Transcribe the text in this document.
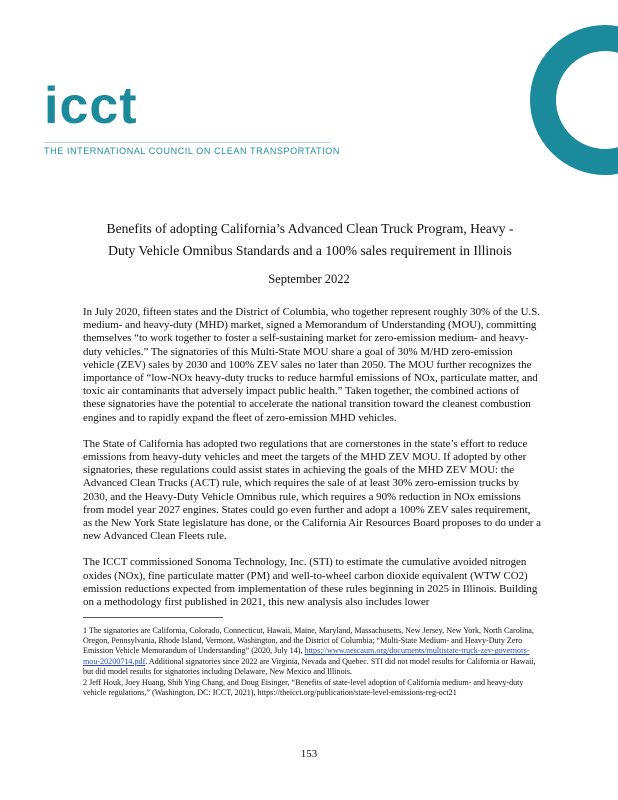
icct
THE INTERNATIONAL COUNCIL ON CLEAN TRANSPORTATION
Benefits of adopting California’s Advanced Clean Truck Program, Heavy -
Duty Vehicle Omnibus Standards and a 100% sales requirement in Illinois
September 2022

In July 2020, fifteen states and the District of Columbia, who together represent roughly 30% of the U.S. medium- and heavy-duty (MHD) market, signed a Memorandum of Understanding (MOU), committing themselves “to work together to foster a self-sustaining market for zero-emission medium- and heavy-duty vehicles.” The signatories of this Multi-State MOU share a goal of 30% M/HD zero-emission vehicle (ZEV) sales by 2030 and 100% ZEV sales no later than 2050. The MOU further recognizes the importance of “low-NOx heavy-duty trucks to reduce harmful emissions of NOx, particulate matter, and toxic air contaminants that adversely impact public health.” Taken together, the combined actions of these signatories have the potential to accelerate the national transition toward the cleanest combustion engines and to rapidly expand the fleet of zero-emission MHD vehicles.

The State of California has adopted two regulations that are cornerstones in the state’s effort to reduce emissions from heavy-duty vehicles and meet the targets of the MHD ZEV MOU. If adopted by other signatories, these regulations could assist states in achieving the goals of the MHD ZEV MOU: the Advanced Clean Trucks (ACT) rule, which requires the sale of at least 30% zero-emission trucks by 2030, and the Heavy-Duty Vehicle Omnibus rule, which requires a 90% reduction in NOx emissions from model year 2027 engines. States could go even further and adopt a 100% ZEV sales requirement, as the New York State legislature has done, or the California Air Resources Board proposes to do under a new Advanced Clean Fleets rule.

The ICCT commissioned Sonoma Technology, Inc. (STI) to estimate the cumulative avoided nitrogen oxides (NOx), fine particulate matter (PM) and well-to-wheel carbon dioxide equivalent (WTW CO2) emission reductions expected from implementation of these rules beginning in 2025 in Illinois. Building on a methodology first published in 2021, this new analysis also includes lower

1 The signatories are California, Colorado, Connecticut, Hawaii, Maine, Maryland, Massachusetts, New Jersey, New York, North Carolina, Oregon, Pennsylvania, Rhode Island, Vermont, Washington, and the District of Columbia; “Multi-State Medium- and Heavy-Duty Zero Emission Vehicle Memorandum of Understanding” (2020, July 14), https://www.nescaum.org/documents/multistate-truck-zev-governors-mou-20200714.pdf. Additional signatories since 2022 are Virginia, Nevada and Quebec. STI did not model results for California or Hawaii, but did model results for signatories including Delaware, New Mexico and Illinois.

2 Jeff Houk, Joey Huang, Shih Ying Chang, and Doug Eisinger, “Benefits of state-level adoption of California medium- and heavy-duty vehicle regulations,” (Washington, DC: ICCT, 2021), https://theicct.org/publication/state-level-emissions-reg-oct21

153
